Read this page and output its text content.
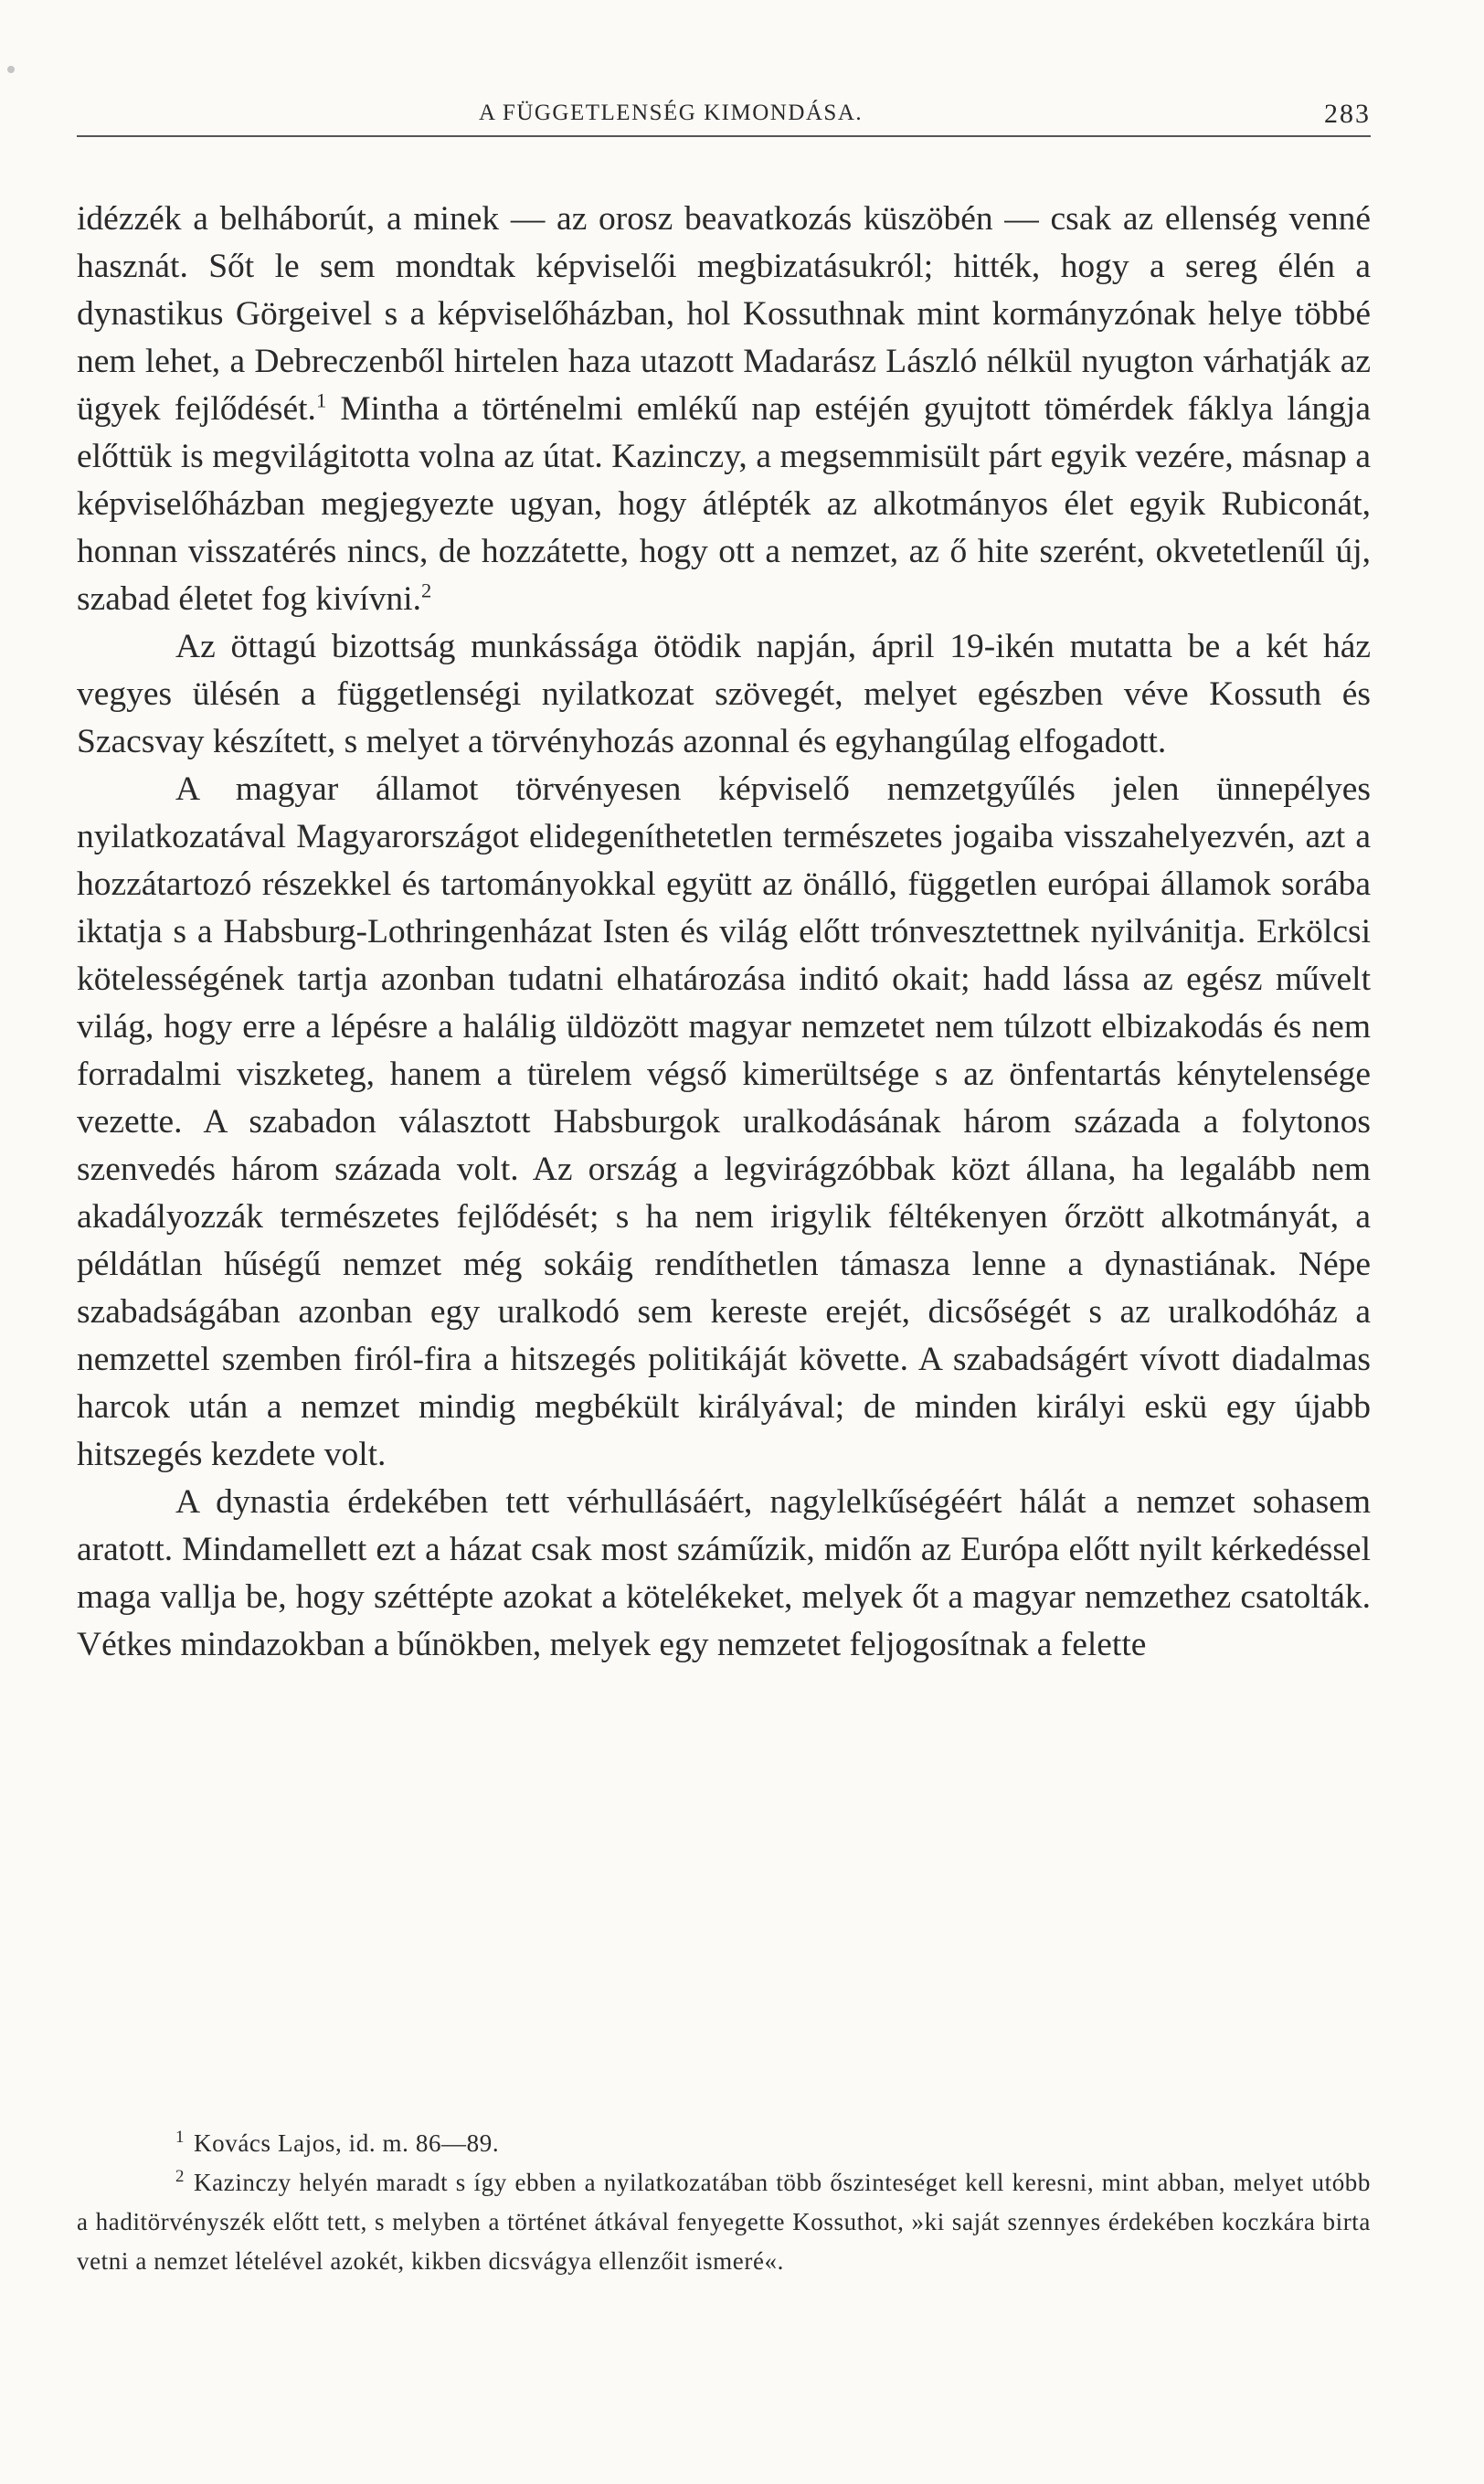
A FÜGGETLENSÉG KIMONDÁSA.	283

idézzék a belháborút, a minek — az orosz beavatkozás küszöbén — csak az ellenség venné hasznát. Sőt le sem mondtak képviselői megbizatásukról; hitték, hogy a sereg élén a dynastikus Görgeivel s a képviselőházban, hol Kossuthnak mint kormányzónak helye többé nem lehet, a Debreczenből hirtelen haza utazott Madarász László nélkül nyugton várhatják az ügyek fejlődését.$^1$ Mintha a történelmi emlékű nap estéjén gyujtott tömérdek fáklya lángja előttük is megvilágitotta volna az útat. Kazinczy, a megsemmisült párt egyik vezére, másnap a képviselőházban megjegyezte ugyan, hogy átlépték az alkotmányos élet egyik Rubiconát, honnan visszatérés nincs, de hozzátette, hogy ott a nemzet, az ő hite szerént, okvetetlenűl új, szabad életet fog kivívni.$^2$

Az öttagú bizottság munkássága ötödik napján, ápril 19-ikén mutatta be a két ház vegyes ülésén a függetlenségi nyilatkozat szövegét, melyet egészben véve Kossuth és Szacsvay készített, s melyet a törvényhozás azonnal és egyhangúlag elfogadott.

A magyar államot törvényesen képviselő nemzetgyűlés jelen ünnepélyes nyilatkozatával Magyarországot elidegeníthetetlen természetes jogaiba visszahelyezvén, azt a hozzátartozó részekkel és tartományokkal együtt az önálló, független európai államok sorába iktatja s a Habsburg-Lothringenházat Isten és világ előtt trónvesztettnek nyilvánitja. Erkölcsi kötelességének tartja azonban tudatni elhatározása inditó okait; hadd lássa az egész művelt világ, hogy erre a lépésre a halálig üldözött magyar nemzetet nem túlzott elbizakodás és nem forradalmi viszketeg, hanem a türelem végső kimerültsége s az önfentartás kénytelensége vezette. A szabadon választott Habsburgok uralkodásának három százada a folytonos szenvedés három százada volt. Az ország a legvirágzóbbak közt állana, ha legalább nem akadályozzák természetes fejlődését; s ha nem irigylik féltékenyen őrzött alkotmányát, a példátlan hűségű nemzet még sokáig rendíthetlen támasza lenne a dynastiának. Népe szabadságában azonban egy uralkodó sem kereste erejét, dicsőségét s az uralkodóház a nemzettel szemben firól-fira a hitszegés politikáját követte. A szabadságért vívott diadalmas harcok után a nemzet mindig megbékült királyával; de minden királyi eskü egy újabb hitszegés kezdete volt.

A dynastia érdekében tett vérhullásáért, nagylelkűségéért hálát a nemzet sohasem aratott. Mindamellett ezt a házat csak most száműzik, midőn az Európa előtt nyilt kérkedéssel maga vallja be, hogy széttépte azokat a kötelékeket, melyek őt a magyar nemzethez csatolták. Vétkes mindazokban a bűnökben, melyek egy nemzetet feljogosítnak a felette

$^1$ Kovács Lajos, id. m. 86—89.

$^2$ Kazinczy helyén maradt s így ebben a nyilatkozatában több őszinteséget kell keresni, mint abban, melyet utóbb a haditörvényszék előtt tett, s melyben a történet átkával fenyegette Kossuthot, »ki saját szennyes érdekében koczkára birta vetni a nemzet lételével azokét, kikben dicsvágya ellenzőit ismeré«.
